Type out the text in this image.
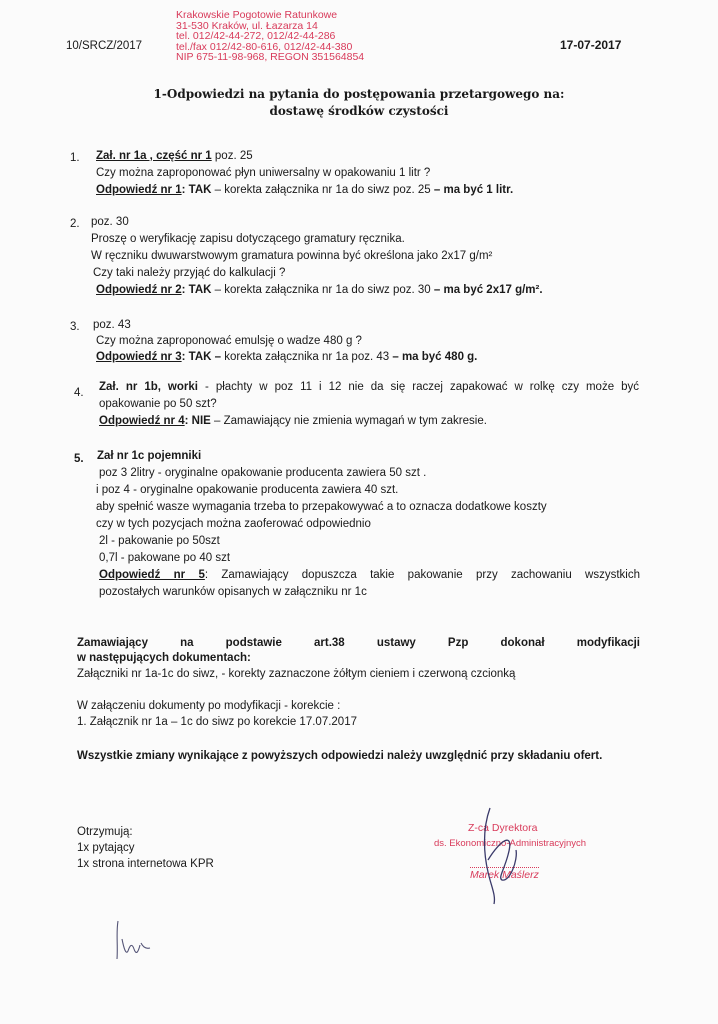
10/SRCZ/2017	17-07-2017
Krakowskie Pogotowie Ratunkowe
31-530 Kraków, ul. Łazarza 14
tel. 012/42-44-272, 012/42-44-286
tel./fax 012/42-80-616, 012/42-44-380
NIP 675-11-98-968, REGON 351564854
1-Odpowiedzi na pytania do postępowania przetargowego na:
dostawę środków czystości
1. Zał. nr 1a , część nr 1 poz. 25
Czy można zaproponować płyn uniwersalny w opakowaniu 1 litr ?
Odpowiedź nr 1: TAK – korekta załącznika nr 1a do siwz poz. 25 – ma być 1 litr.
2. poz. 30
Proszę o weryfikację zapisu dotyczącego gramatury ręcznika.
W ręczniku dwuwarstwowym gramatura powinna być określona jako 2x17 g/m²
Czy taki należy przyjąć do kalkulacji ?
Odpowiedź nr 2: TAK – korekta załącznika nr 1a do siwz poz. 30 – ma być 2x17 g/m².
3. poz. 43
Czy można zaproponować emulsję o wadze 480 g ?
Odpowiedź nr 3: TAK – korekta załącznika nr 1a poz. 43 – ma być 480 g.
4. Zał. nr 1b, worki - płachty w poz 11 i 12 nie da się raczej zapakować w rolkę czy może być
opakowanie po 50 szt?
Odpowiedź nr 4: NIE – Zamawiający nie zmienia wymagań w tym zakresie.
5. Zał nr 1c pojemniki
poz 3 2litry - oryginalne opakowanie producenta zawiera 50 szt .
i poz 4 - oryginalne opakowanie producenta zawiera 40 szt.
aby spełnić wasze wymagania trzeba to przepakowywać a to oznacza dodatkowe koszty
czy w tych pozycjach można zaoferować odpowiednio
2l - pakowanie po 50szt
0,7l - pakowane po 40 szt
Odpowiedź nr 5: Zamawiający dopuszcza takie pakowanie przy zachowaniu wszystkich
pozostałych warunków opisanych w załączniku nr 1c
Zamawiający na podstawie art.38 ustawy Pzp dokonał modyfikacji
w następujących dokumentach:
Załączniki nr 1a-1c do siwz, - korekty zaznaczone żółtym cieniem i czerwoną czcionką
W załączeniu dokumenty po modyfikacji - korekcie :
1. Załącznik nr 1a – 1c do siwz po korekcie 17.07.2017
Wszystkie zmiany wynikające z powyższych odpowiedzi należy uwzględnić przy składaniu ofert.
Otrzymują:
1x pytający
1x strona internetowa KPR
Z-ca Dyrektora
ds. Ekonomiczno-Administracyjnych
Marek Maślerz
